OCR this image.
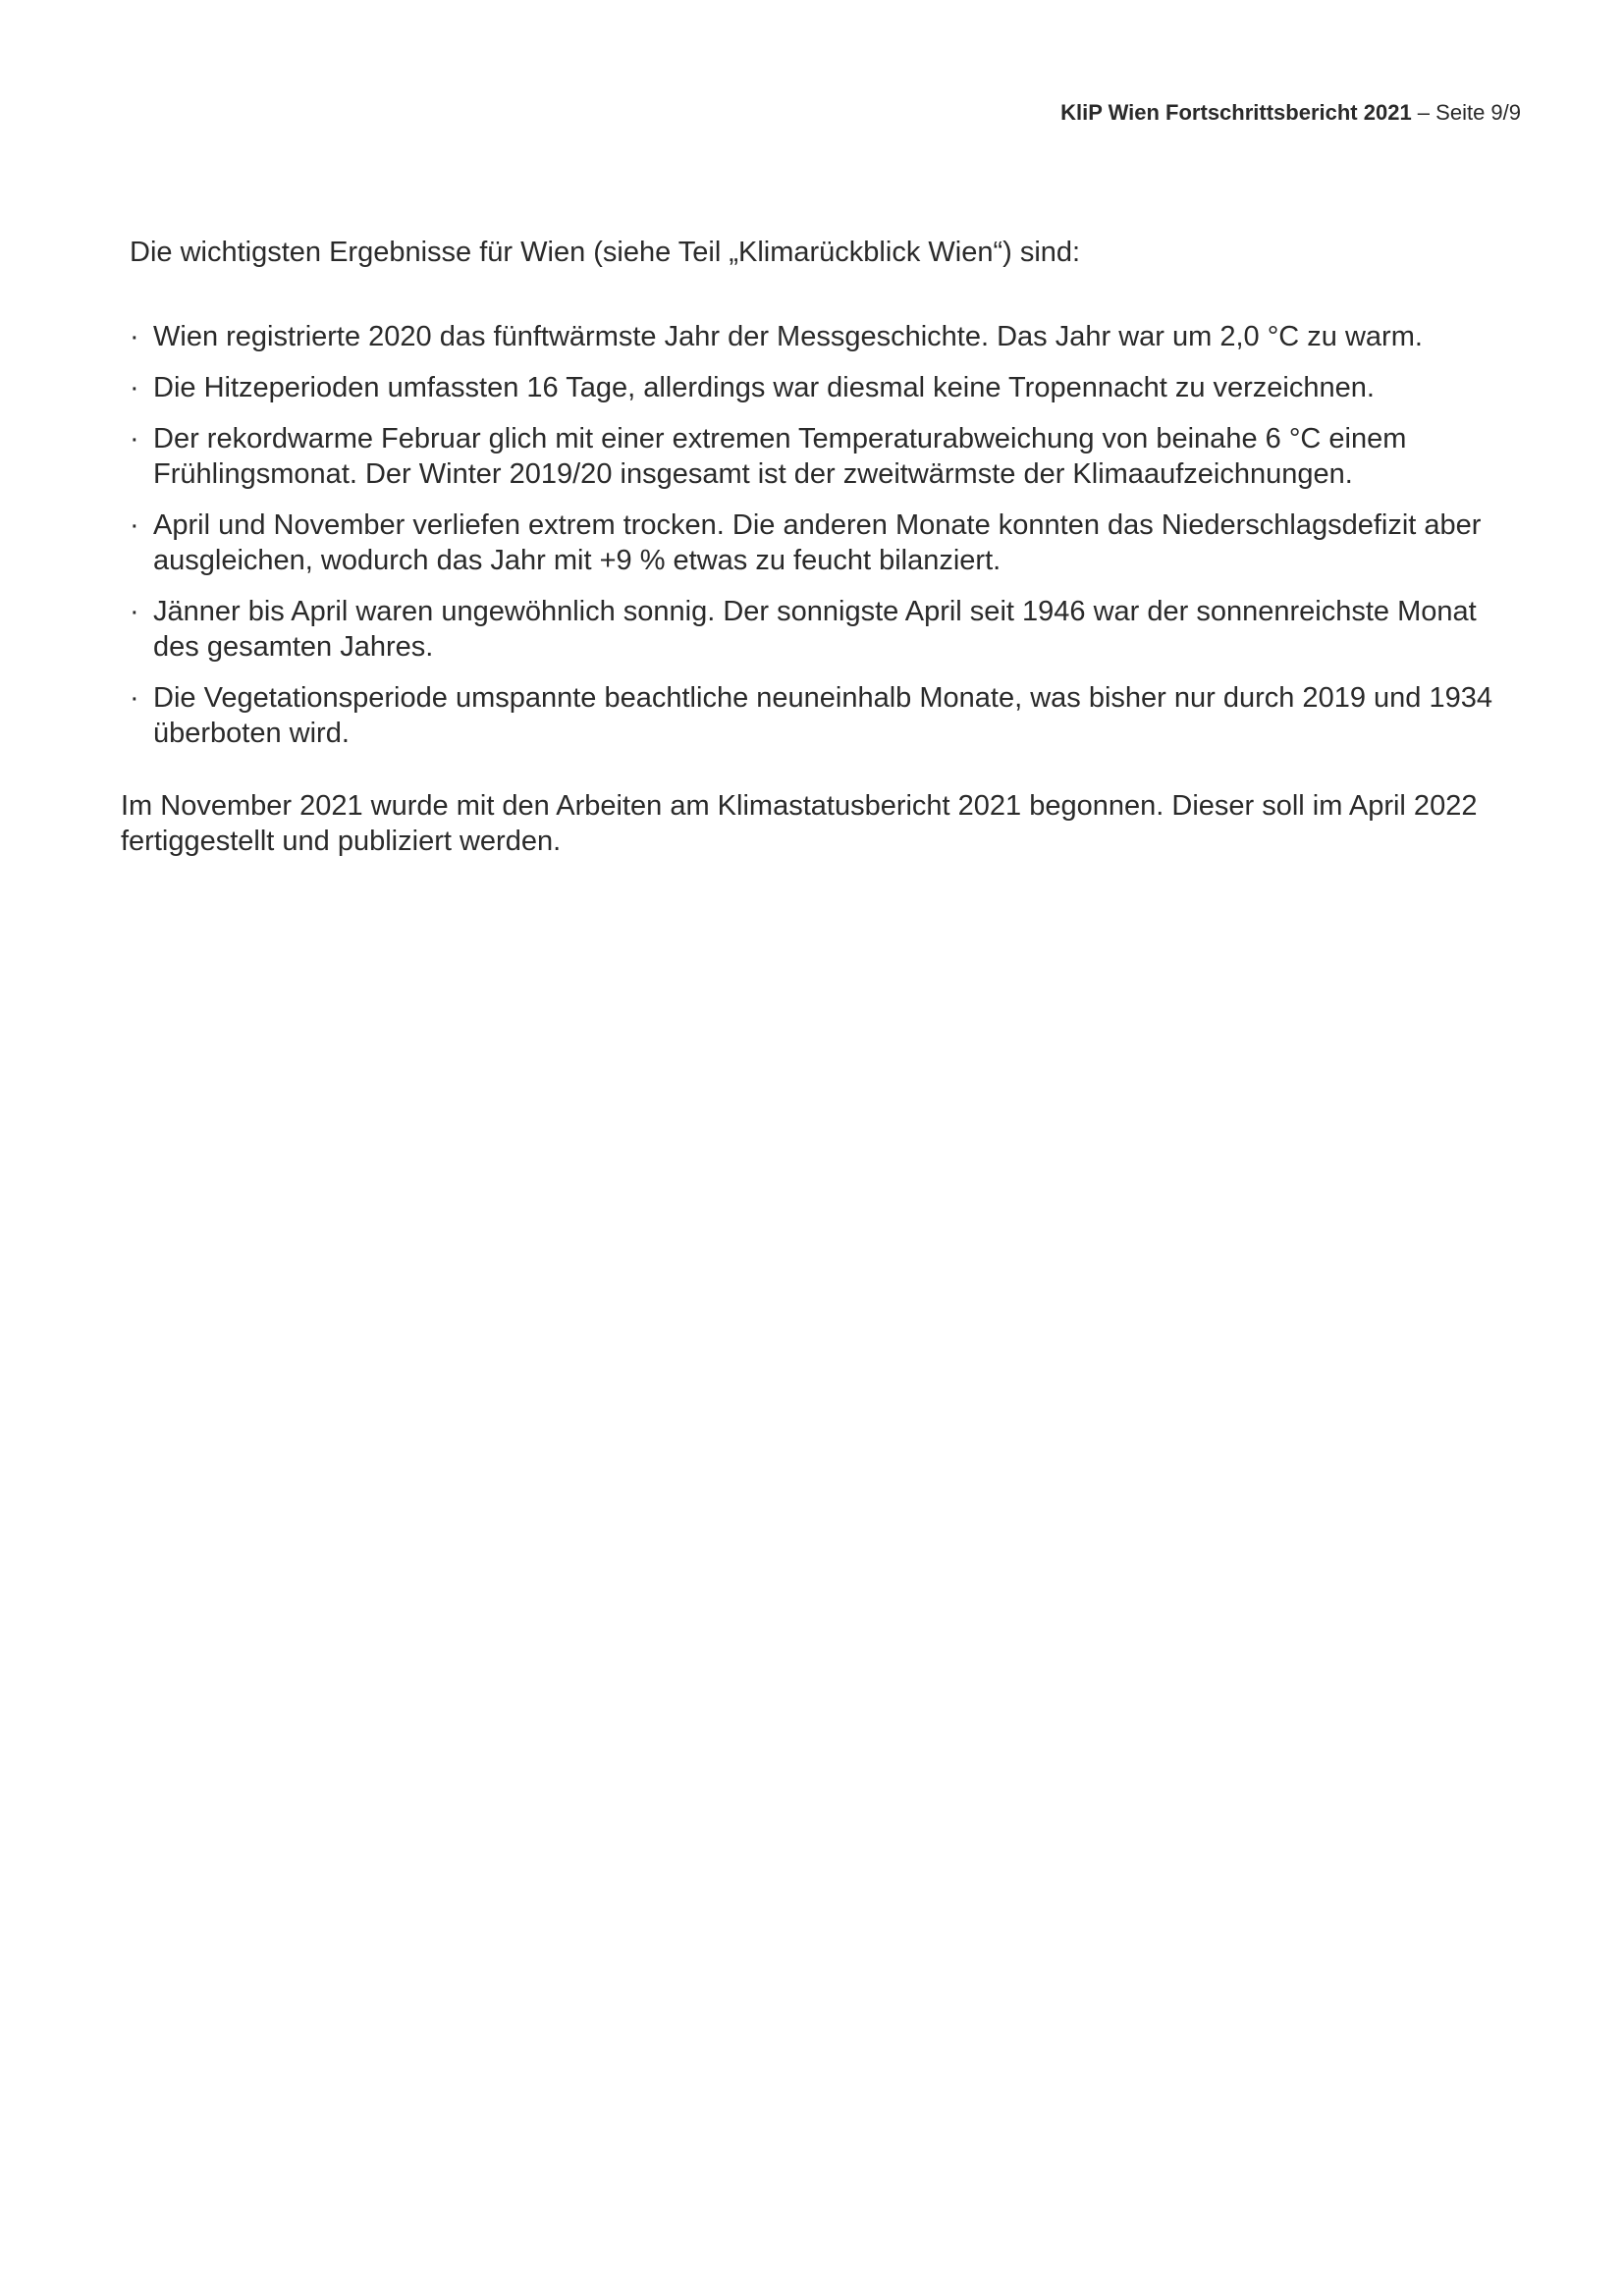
KliP Wien Fortschrittsbericht 2021 – Seite 9/9

Die wichtigsten Ergebnisse für Wien (siehe Teil „Klimarückblick Wien“) sind:

· Wien registrierte 2020 das fünftwärmste Jahr der Messgeschichte. Das Jahr war um 2,0 °C zu warm.
· Die Hitzeperioden umfassten 16 Tage, allerdings war diesmal keine Tropennacht zu verzeichnen.
· Der rekordwarme Februar glich mit einer extremen Temperaturabweichung von beinahe 6 °C einem Frühlingsmonat. Der Winter 2019/20 insgesamt ist der zweitwärmste der Klimaaufzeichnungen.
· April und November verliefen extrem trocken. Die anderen Monate konnten das Niederschlagsdefizit aber ausgleichen, wodurch das Jahr mit +9 % etwas zu feucht bilanziert.
· Jänner bis April waren ungewöhnlich sonnig. Der sonnigste April seit 1946 war der sonnenreichste Monat des gesamten Jahres.
· Die Vegetationsperiode umspannte beachtliche neuneinhalb Monate, was bisher nur durch 2019 und 1934 überboten wird.

Im November 2021 wurde mit den Arbeiten am Klimastatusbericht 2021 begonnen. Dieser soll im April 2022 fertiggestellt und publiziert werden.
